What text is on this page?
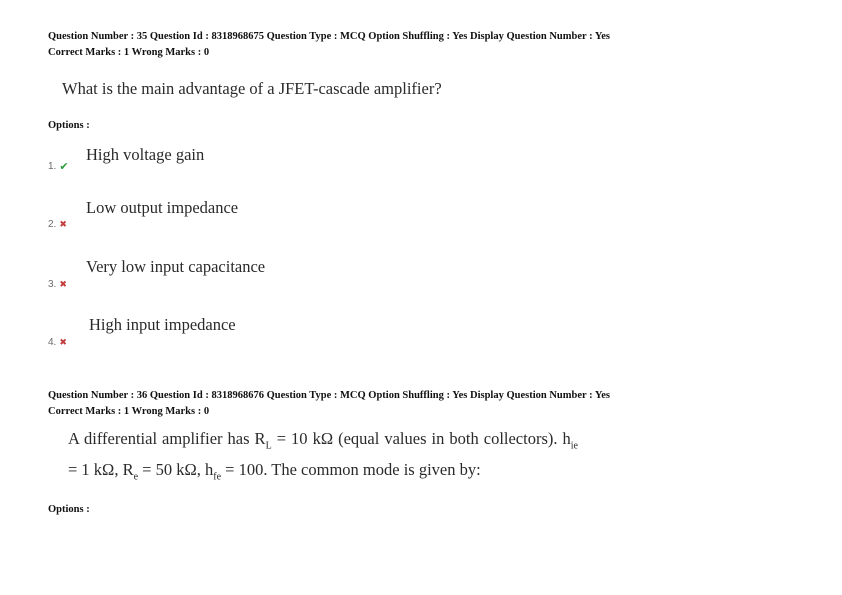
Question Number : 35 Question Id : 8318968675 Question Type : MCQ Option Shuffling : Yes Display Question Number : Yes
Correct Marks : 1 Wrong Marks : 0
What is the main advantage of a JFET-cascade amplifier?
Options :
High voltage gain
1. ✔
Low output impedance
2. ✖
Very low input capacitance
3. ✖
High input impedance
4. ✖
Question Number : 36 Question Id : 8318968676 Question Type : MCQ Option Shuffling : Yes Display Question Number : Yes
Correct Marks : 1 Wrong Marks : 0
A differential amplifier has $R_L = 10$ kΩ (equal values in both collectors). $h_{ie} = 1$ kΩ, $R_e = 50$ kΩ, $h_{fe} = 100$. The common mode is given by:
Options :
